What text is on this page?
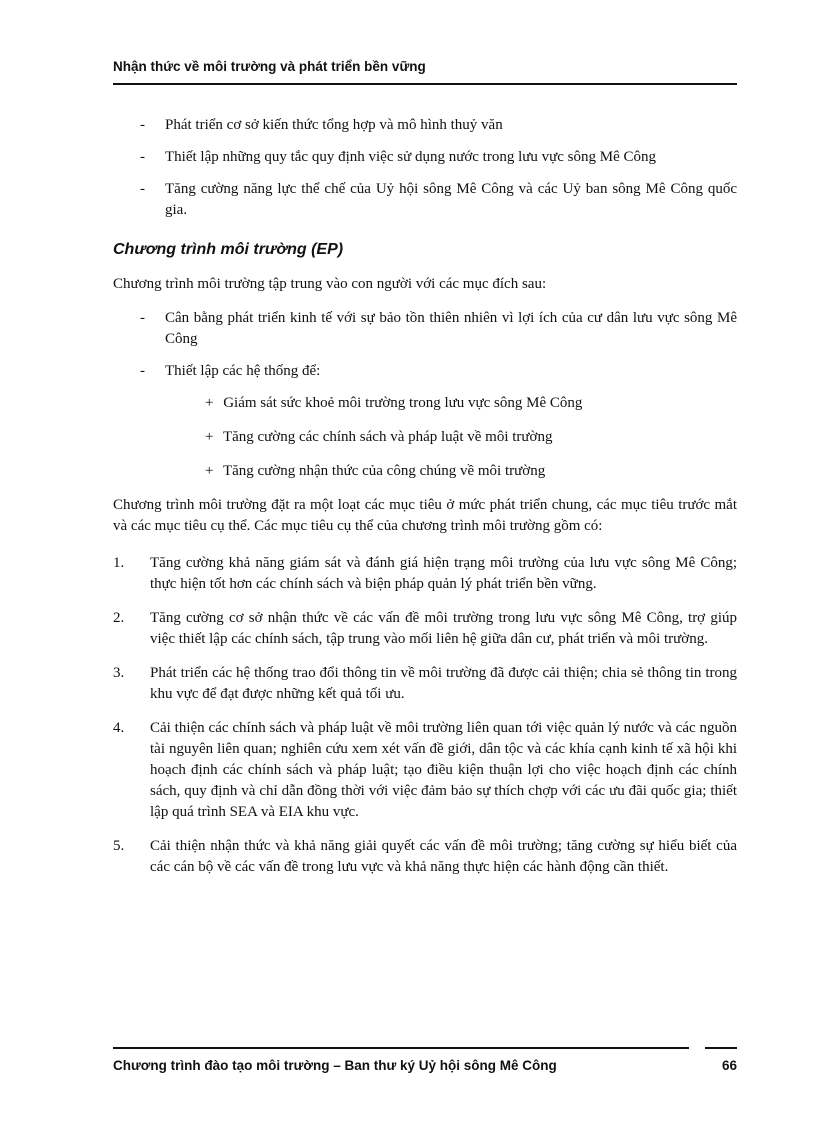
Nhận thức về môi trường và phát triển bền vững
-	Phát triển cơ sở kiến thức tổng hợp và mô hình thuỷ văn
-	Thiết lập những quy tắc quy định việc sử dụng nước trong lưu vực sông Mê Công
-	Tăng cường năng lực thể chế của Uỷ hội sông Mê Công và các Uỷ ban sông Mê Công quốc gia.
Chương trình môi trường (EP)

Chương trình môi trường tập trung vào con người với các mục đích sau:

-	Cân bằng phát triển kinh tế với sự bảo tồn thiên nhiên vì lợi ích của cư dân lưu vực sông Mê Công
-	Thiết lập các hệ thống để:
+ Giám sát sức khoẻ môi trường trong lưu vực sông Mê Công
+ Tăng cường các chính sách và pháp luật về môi trường
+ Tăng cường nhận thức của công chúng về môi trường

Chương trình môi trường đặt ra một loạt các mục tiêu ở mức phát triển chung, các mục tiêu trước mắt và các mục tiêu cụ thể. Các mục tiêu cụ thể của chương trình môi trường gồm có:

1.	Tăng cường khả năng giám sát và đánh giá hiện trạng môi trường của lưu vực sông Mê Công; thực hiện tốt hơn các chính sách và biện pháp quản lý phát triển bền vững.
2.	Tăng cường cơ sở nhận thức về các vấn đề môi trường trong lưu vực sông Mê Công, trợ giúp việc thiết lập các chính sách, tập trung vào mối liên hệ giữa dân cư, phát triển và môi trường.
3.	Phát triển các hệ thống trao đổi thông tin về môi trường đã được cải thiện; chia sẻ thông tin trong khu vực để đạt được những kết quả tối ưu.
4.	Cải thiện các chính sách và pháp luật về môi trường liên quan tới việc quản lý nước và các nguồn tài nguyên liên quan; nghiên cứu xem xét vấn đề giới, dân tộc và các khía cạnh kinh tế xã hội khi hoạch định các chính sách và pháp luật; tạo điều kiện thuận lợi cho việc hoạch định các chính sách, quy định và chỉ dẫn đồng thời với việc đảm bảo sự thích chợp với các ưu đãi quốc gia; thiết lập quá trình SEA và EIA khu vực.
5.	Cải thiện nhận thức và khả năng giải quyết các vấn đề môi trường; tăng cường sự hiểu biết của các cán bộ về các vấn đề trong lưu vực và khả năng thực hiện các hành động cần thiết.
Chương trình đào tạo môi trường – Ban thư ký Uỷ hội sông Mê Công	66
